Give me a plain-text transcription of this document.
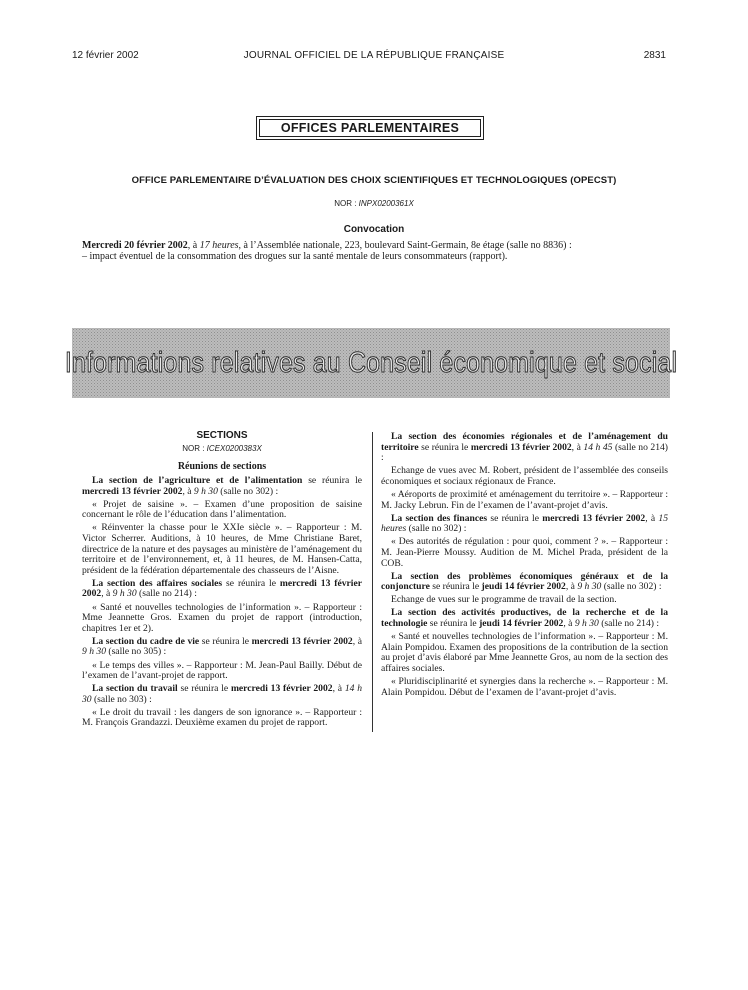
12 février 2002	JOURNAL OFFICIEL DE LA RÉPUBLIQUE FRANÇAISE	2831
OFFICES PARLEMENTAIRES
OFFICE PARLEMENTAIRE D’ÉVALUATION DES CHOIX SCIENTIFIQUES ET TECHNOLOGIQUES (OPECST)
NOR : INPX0200361X
Convocation
Mercredi 20 février 2002, à 17 heures, à l’Assemblée nationale, 223, boulevard Saint-Germain, 8e étage (salle no 8836) :
– impact éventuel de la consommation des drogues sur la santé mentale de leurs consommateurs (rapport).
Informations relatives au Conseil économique et social
SECTIONS
NOR : ICEX0200383X
Réunions de sections

La section de l’agriculture et de l’alimentation se réunira le mercredi 13 février 2002, à 9 h 30 (salle no 302) :

« Projet de saisine ». – Examen d’une proposition de saisine concernant le rôle de l’éducation dans l’alimentation.

« Réinventer la chasse pour le XXIe siècle ». – Rapporteur : M. Victor Scherrer. Auditions, à 10 heures, de Mme Christiane Baret, directrice de la nature et des paysages au ministère de l’aménagement du territoire et de l’environnement, et, à 11 heures, de M. Hansen-Catta, président de la fédération départementale des chasseurs de l’Aisne.

La section des affaires sociales se réunira le mercredi 13 février 2002, à 9 h 30 (salle no 214) :

« Santé et nouvelles technologies de l’information ». – Rapporteur : Mme Jeannette Gros. Examen du projet de rapport (introduction, chapitres 1er et 2).

La section du cadre de vie se réunira le mercredi 13 février 2002, à 9 h 30 (salle no 305) :

« Le temps des villes ». – Rapporteur : M. Jean-Paul Bailly. Début de l’examen de l’avant-projet de rapport.

La section du travail se réunira le mercredi 13 février 2002, à 14 h 30 (salle no 303) :

« Le droit du travail : les dangers de son ignorance ». – Rapporteur : M. François Grandazzi. Deuxième examen du projet de rapport.

La section des économies régionales et de l’aménagement du territoire se réunira le mercredi 13 février 2002, à 14 h 45 (salle no 214) :

Echange de vues avec M. Robert, président de l’assemblée des conseils économiques et sociaux régionaux de France.

« Aéroports de proximité et aménagement du territoire ». – Rapporteur : M. Jacky Lebrun. Fin de l’examen de l’avant-projet d’avis.

La section des finances se réunira le mercredi 13 février 2002, à 15 heures (salle no 302) :

« Des autorités de régulation : pour quoi, comment ? ». – Rapporteur : M. Jean-Pierre Moussy. Audition de M. Michel Prada, président de la COB.

La section des problèmes économiques généraux et de la conjoncture se réunira le jeudi 14 février 2002, à 9 h 30 (salle no 302) :

Echange de vues sur le programme de travail de la section.

La section des activités productives, de la recherche et de la technologie se réunira le jeudi 14 février 2002, à 9 h 30 (salle no 214) :

« Santé et nouvelles technologies de l’information ». – Rapporteur : M. Alain Pompidou. Examen des propositions de la contribution de la section au projet d’avis élaboré par Mme Jeannette Gros, au nom de la section des affaires sociales.

« Pluridisciplinarité et synergies dans la recherche ». – Rapporteur : M. Alain Pompidou. Début de l’examen de l’avant-projet d’avis.
